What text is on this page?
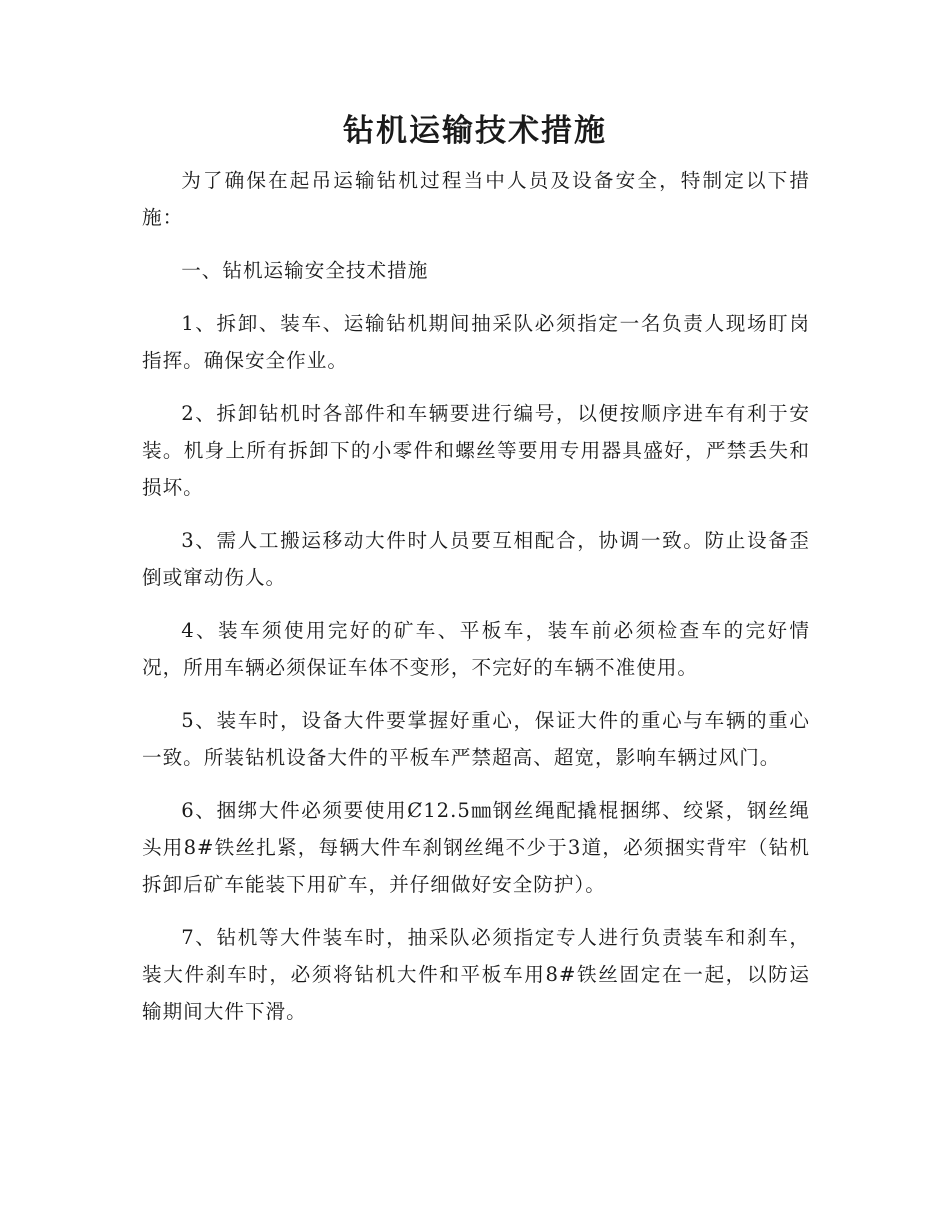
钻机运输技术措施

为了确保在起吊运输钻机过程当中人员及设备安全，特制定以下措施：

一、钻机运输安全技术措施

1、拆卸、装车、运输钻机期间抽采队必须指定一名负责人现场盯岗指挥。确保安全作业。

2、拆卸钻机时各部件和车辆要进行编号，以便按顺序进车有利于安装。机身上所有拆卸下的小零件和螺丝等要用专用器具盛好，严禁丢失和损坏。

3、需人工搬运移动大件时人员要互相配合，协调一致。防止设备歪倒或窜动伤人。

4、装车须使用完好的矿车、平板车，装车前必须检查车的完好情况，所用车辆必须保证车体不变形，不完好的车辆不准使用。

5、装车时，设备大件要掌握好重心，保证大件的重心与车辆的重心一致。所装钻机设备大件的平板车严禁超高、超宽，影响车辆过风门。

6、捆绑大件必须要使用Ȼ12.5㎜钢丝绳配撬棍捆绑、绞紧，钢丝绳头用8#铁丝扎紧，每辆大件车刹钢丝绳不少于3道，必须捆实背牢（钻机拆卸后矿车能装下用矿车，并仔细做好安全防护）。

7、钻机等大件装车时，抽采队必须指定专人进行负责装车和刹车，装大件刹车时，必须将钻机大件和平板车用8#铁丝固定在一起，以防运输期间大件下滑。
